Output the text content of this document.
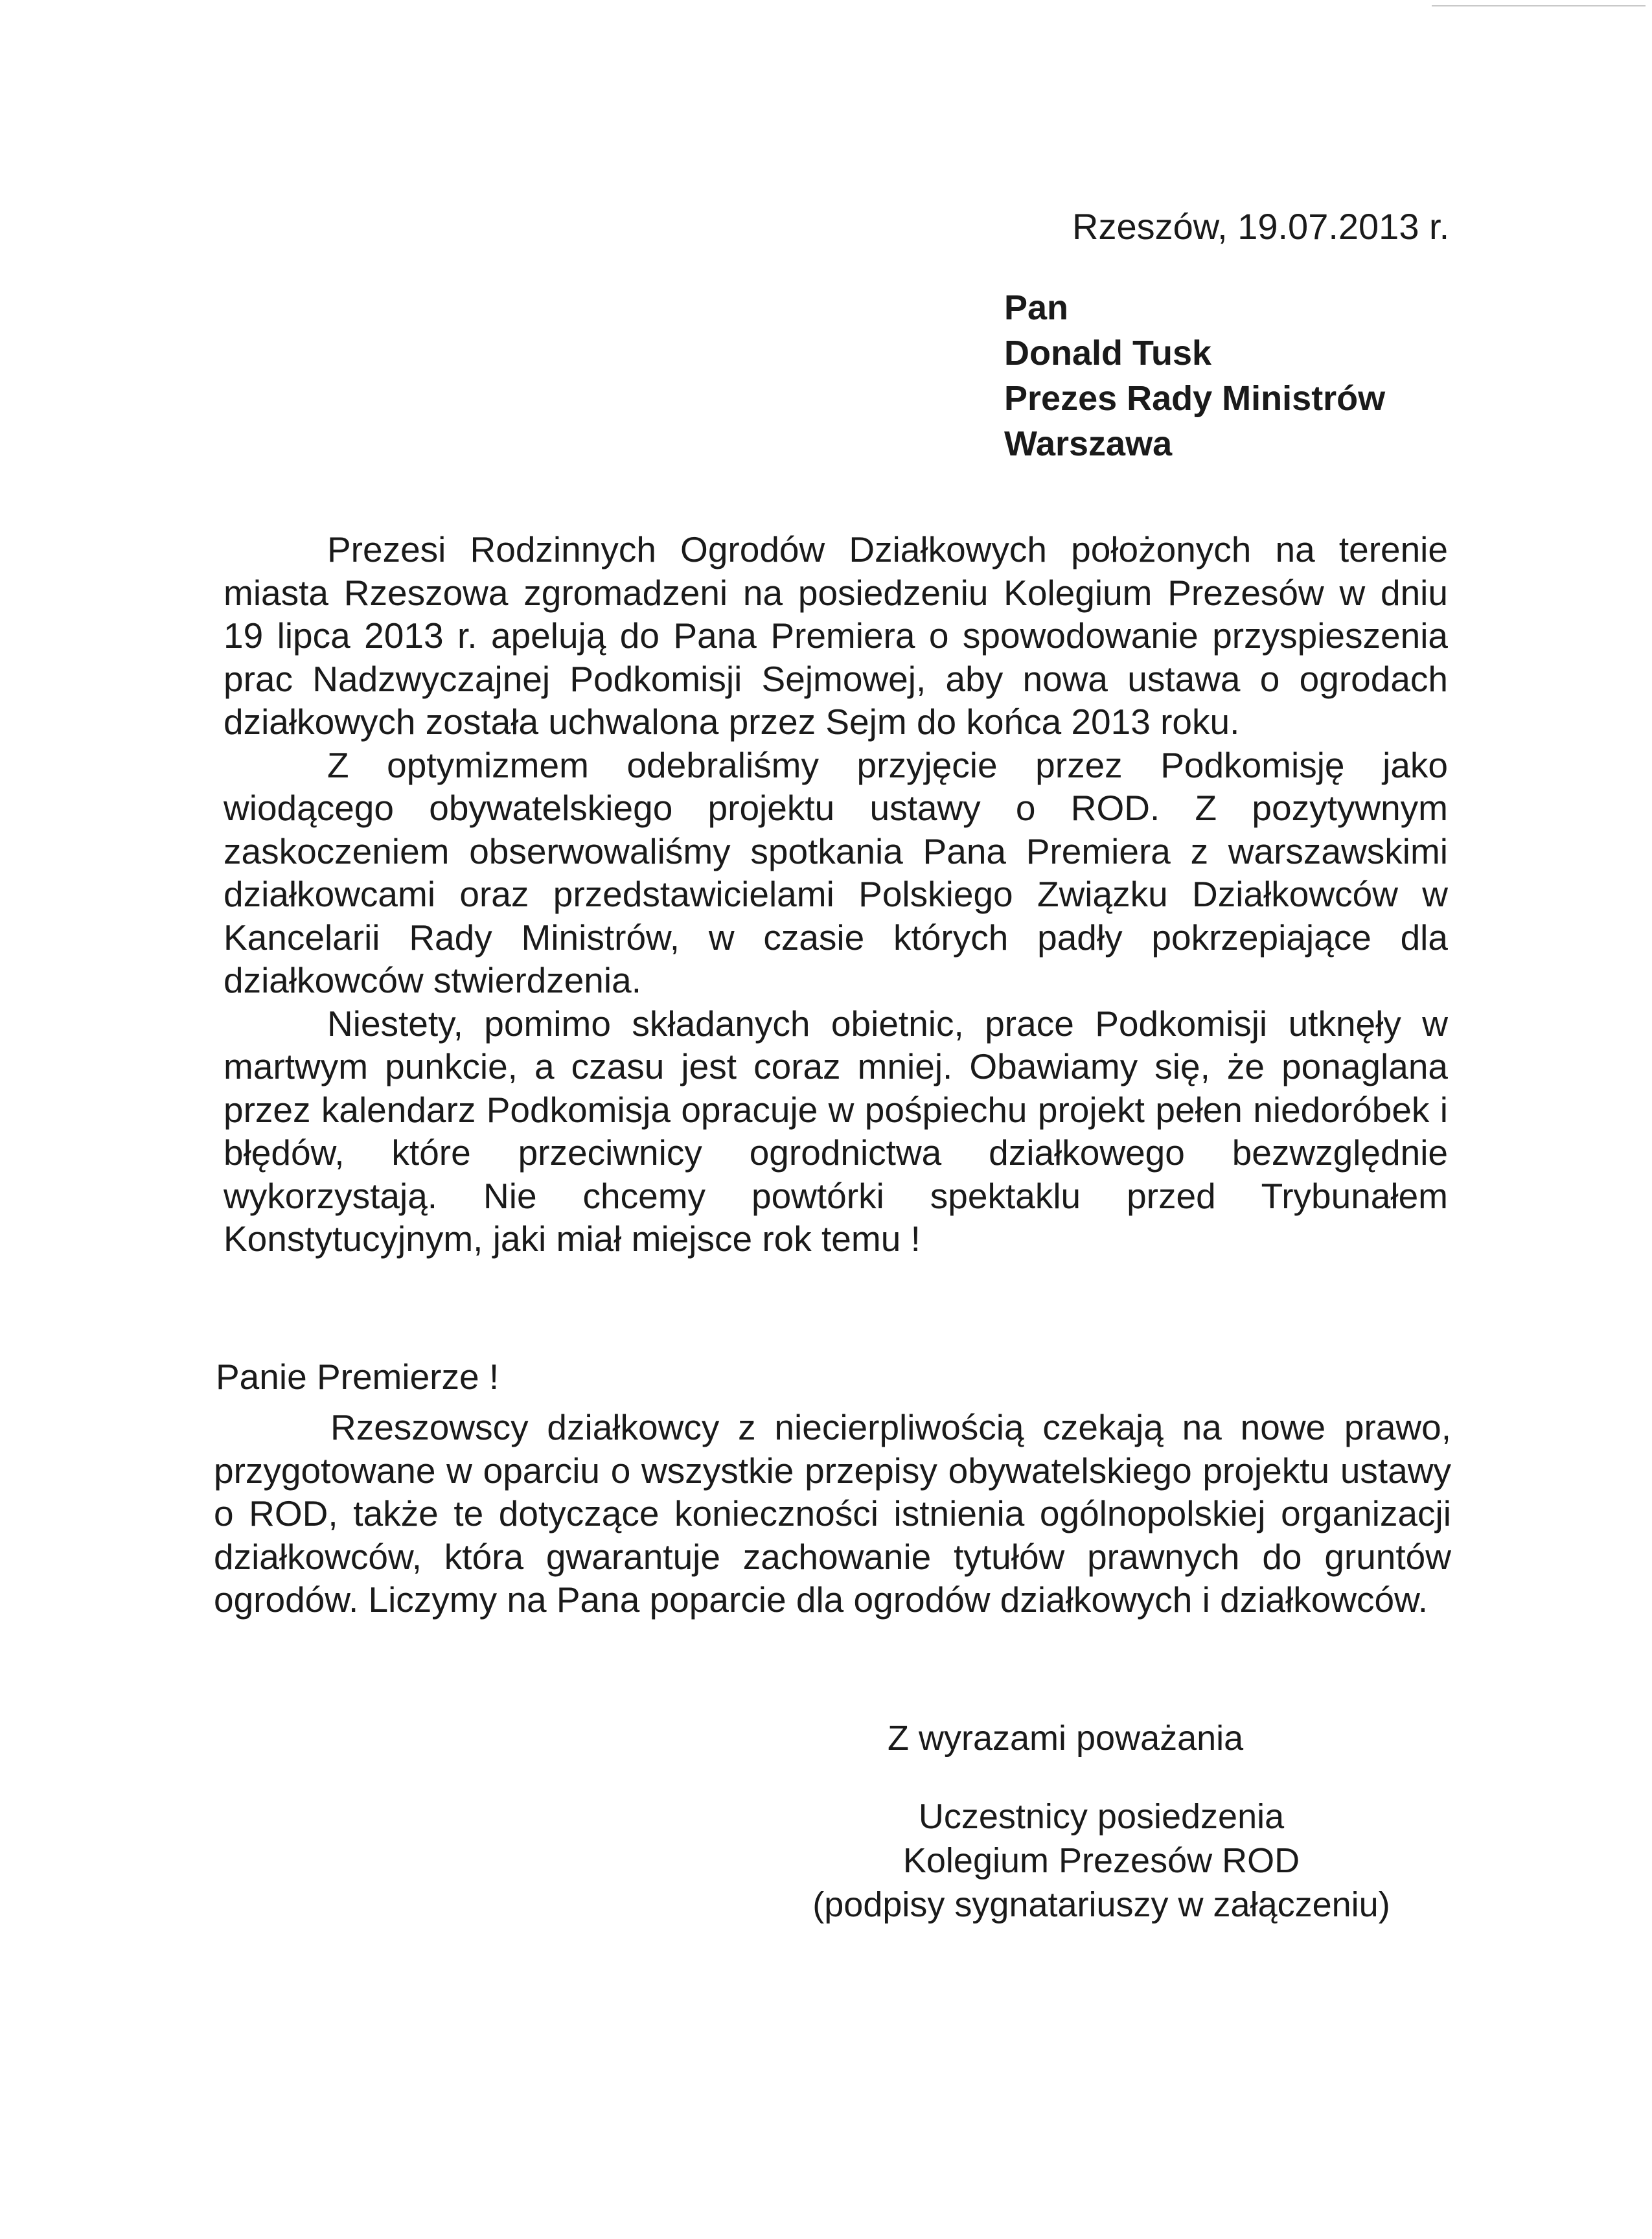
Rzeszów, 19.07.2013 r.
Pan
Donald Tusk
Prezes Rady Ministrów
Warszawa

Prezesi Rodzinnych Ogrodów Działkowych położonych na terenie miasta Rzeszowa zgromadzeni na posiedzeniu Kolegium Prezesów w dniu 19 lipca 2013 r. apelują do Pana Premiera o spowodowanie przyspieszenia prac Nadzwyczajnej Podkomisji Sejmowej, aby nowa ustawa o ogrodach działkowych została uchwalona przez Sejm do końca 2013 roku.

Z optymizmem odebraliśmy przyjęcie przez Podkomisję jako wiodącego obywatelskiego projektu ustawy o ROD. Z pozytywnym zaskoczeniem obserwowaliśmy spotkania Pana Premiera z warszawskimi działkowcami oraz przedstawicielami Polskiego Związku Działkowców w Kancelarii Rady Ministrów, w czasie których padły pokrzepiające dla działkowców stwierdzenia.

Niestety, pomimo składanych obietnic, prace Podkomisji utknęły w martwym punkcie, a czasu jest coraz mniej. Obawiamy się, że ponaglana przez kalendarz Podkomisja opracuje w pośpiechu projekt pełen niedoróbek i błędów, które przeciwnicy ogrodnictwa działkowego bezwzględnie wykorzystają. Nie chcemy powtórki spektaklu przed Trybunałem Konstytucyjnym, jaki miał miejsce rok temu !

Panie Premierze !

Rzeszowscy działkowcy z niecierpliwością czekają na nowe prawo, przygotowane w oparciu o wszystkie przepisy obywatelskiego projektu ustawy o ROD, także te dotyczące konieczności istnienia ogólnopolskiej organizacji działkowców, która gwarantuje zachowanie tytułów prawnych do gruntów ogrodów. Liczymy na Pana poparcie dla ogrodów działkowych i działkowców.

Z wyrazami poważania
Uczestnicy posiedzenia
Kolegium Prezesów ROD
(podpisy sygnatariuszy w załączeniu)
